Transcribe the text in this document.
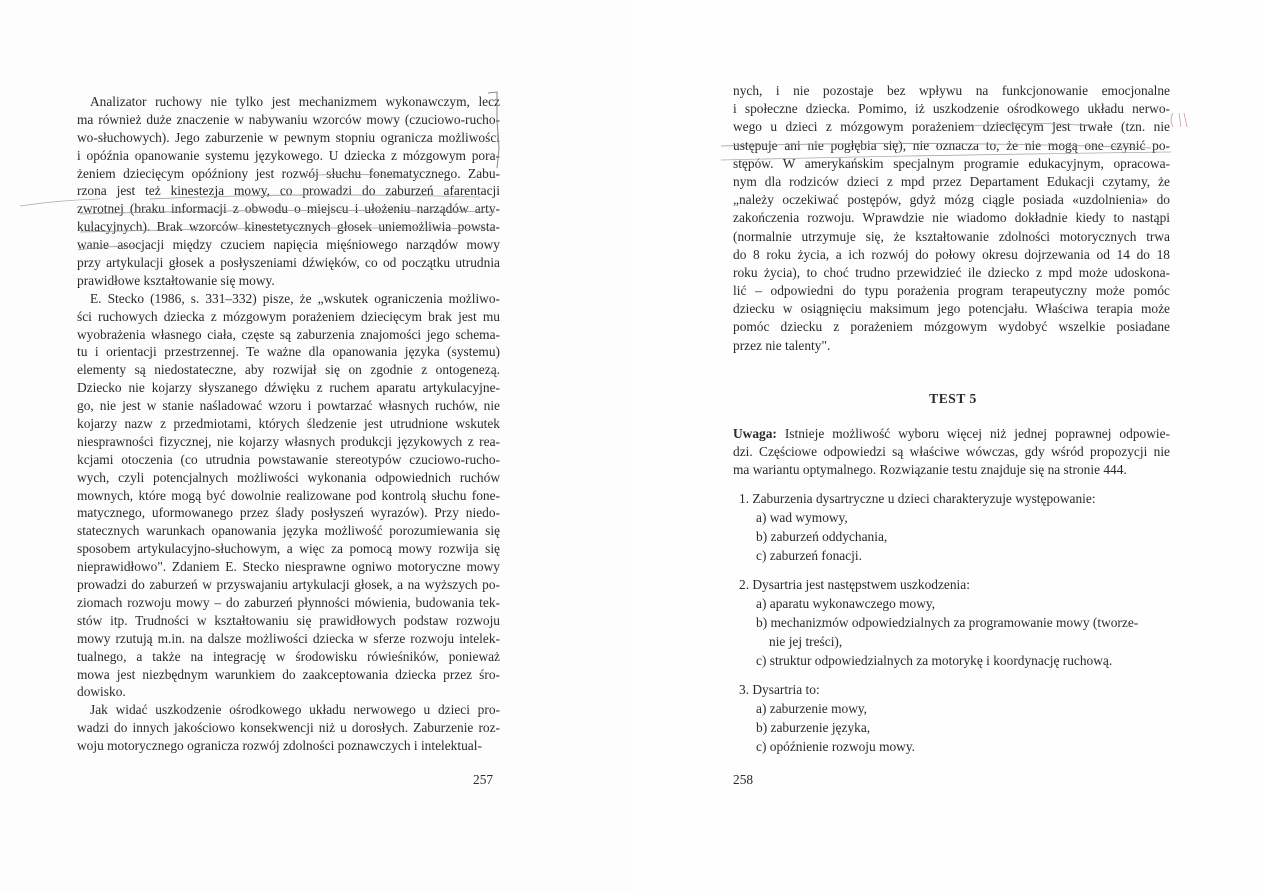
Analizator ruchowy nie tylko jest mechanizmem wykonawczym, lecz
ma również duże znaczenie w nabywaniu wzorców mowy (czuciowo-rucho-
wo-słuchowych). Jego zaburzenie w pewnym stopniu ogranicza możliwości
i opóźnia opanowanie systemu językowego. U dziecka z mózgowym pora-
żeniem dziecięcym opóźniony jest rozwój słuchu fonematycznego. Zabu-
rzona jest też kinestezja mowy, co prowadzi do zaburzeń afarentacji
zwrotnej (braku informacji z obwodu o miejscu i ułożeniu narządów arty-
kulacyjnych). Brak wzorców kinestetycznych głosek uniemożliwia powsta-
wanie asocjacji między czuciem napięcia mięśniowego narządów mowy
przy artykulacji głosek a posłyszeniami dźwięków, co od początku utrudnia
prawidłowe kształtowanie się mowy.
E. Stecko (1986, s. 331–332) pisze, że „wskutek ograniczenia możliwo-
ści ruchowych dziecka z mózgowym porażeniem dziecięcym brak jest mu
wyobrażenia własnego ciała, częste są zaburzenia znajomości jego schema-
tu i orientacji przestrzennej. Te ważne dla opanowania języka (systemu)
elementy są niedostateczne, aby rozwijał się on zgodnie z ontogenezą.
Dziecko nie kojarzy słyszanego dźwięku z ruchem aparatu artykulacyjne-
go, nie jest w stanie naśladować wzoru i powtarzać własnych ruchów, nie
kojarzy nazw z przedmiotami, których śledzenie jest utrudnione wskutek
niesprawności fizycznej, nie kojarzy własnych produkcji językowych z rea-
kcjami otoczenia (co utrudnia powstawanie stereotypów czuciowo-rucho-
wych, czyli potencjalnych możliwości wykonania odpowiednich ruchów
mownych, które mogą być dowolnie realizowane pod kontrolą słuchu fone-
matycznego, uformowanego przez ślady posłyszeń wyrazów). Przy niedo-
statecznych warunkach opanowania języka możliwość porozumiewania się
sposobem artykulacyjno-słuchowym, a więc za pomocą mowy rozwija się
nieprawidłowo". Zdaniem E. Stecko niesprawne ogniwo motoryczne mowy
prowadzi do zaburzeń w przyswajaniu artykulacji głosek, a na wyższych po-
ziomach rozwoju mowy – do zaburzeń płynności mówienia, budowania tek-
stów itp. Trudności w kształtowaniu się prawidłowych podstaw rozwoju
mowy rzutują m.in. na dalsze możliwości dziecka w sferze rozwoju intelek-
tualnego, a także na integrację w środowisku rówieśników, ponieważ
mowa jest niezbędnym warunkiem do zaakceptowania dziecka przez śro-
dowisko.
Jak widać uszkodzenie ośrodkowego układu nerwowego u dzieci pro-
wadzi do innych jakościowo konsekwencji niż u dorosłych. Zaburzenie roz-
woju motorycznego ogranicza rozwój zdolności poznawczych i intelektual-
257
nych, i nie pozostaje bez wpływu na funkcjonowanie emocjonalne
i społeczne dziecka. Pomimo, iż uszkodzenie ośrodkowego układu nerwo-
wego u dzieci z mózgowym porażeniem dziecięcym jest trwałe (tzn. nie
ustępuje ani nie pogłębia się), nie oznacza to, że nie mogą one czynić po-
stępów. W amerykańskim specjalnym programie edukacyjnym, opracowa-
nym dla rodziców dzieci z mpd przez Departament Edukacji czytamy, że
„należy oczekiwać postępów, gdyż mózg ciągle posiada «uzdolnienia» do
zakończenia rozwoju. Wprawdzie nie wiadomo dokładnie kiedy to nastąpi
(normalnie utrzymuje się, że kształtowanie zdolności motorycznych trwa
do 8 roku życia, a ich rozwój do połowy okresu dojrzewania od 14 do 18
roku życia), to choć trudno przewidzieć ile dziecko z mpd może udoskona-
lić – odpowiedni do typu porażenia program terapeutyczny może pomóc
dziecku w osiągnięciu maksimum jego potencjału. Właściwa terapia może
pomóc dziecku z porażeniem mózgowym wydobyć wszelkie posiadane
przez nie talenty".
TEST 5
Uwaga: Istnieje możliwość wyboru więcej niż jednej poprawnej odpowie-
dzi. Częściowe odpowiedzi są właściwe wówczas, gdy wśród propozycji nie
ma wariantu optymalnego. Rozwiązanie testu znajduje się na stronie 444.
1. Zaburzenia dysartryczne u dzieci charakteryzuje występowanie:
a) wad wymowy,
b) zaburzeń oddychania,
c) zaburzeń fonacji.
2. Dysartria jest następstwem uszkodzenia:
a) aparatu wykonawczego mowy,
b) mechanizmów odpowiedzialnych za programowanie mowy (tworze-
nie jej treści),
c) struktur odpowiedzialnych za motorykę i koordynację ruchową.
3. Dysartria to:
a) zaburzenie mowy,
b) zaburzenie języka,
c) opóźnienie rozwoju mowy.
258
